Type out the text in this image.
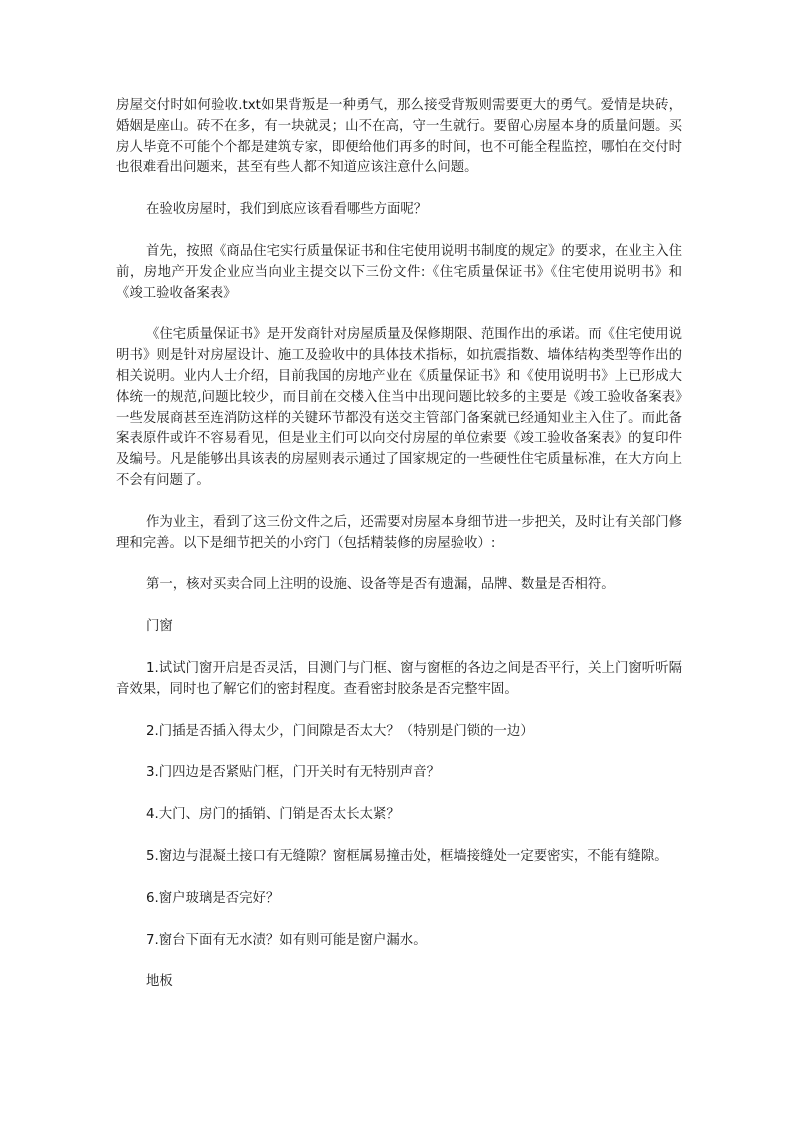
房屋交付时如何验收.txt如果背叛是一种勇气，那么接受背叛则需要更大的勇气。爱情是块砖，婚姻是座山。砖不在多，有一块就灵；山不在高，守一生就行。要留心房屋本身的质量问题。买房人毕竟不可能个个都是建筑专家，即便给他们再多的时间，也不可能全程监控，哪怕在交付时也很难看出问题来，甚至有些人都不知道应该注意什么问题。

在验收房屋时，我们到底应该看看哪些方面呢？

首先，按照《商品住宅实行质量保证书和住宅使用说明书制度的规定》的要求，在业主入住前，房地产开发企业应当向业主提交以下三份文件:《住宅质量保证书》《住宅使用说明书》和《竣工验收备案表》

《住宅质量保证书》是开发商针对房屋质量及保修期限、范围作出的承诺。而《住宅使用说明书》则是针对房屋设计、施工及验收中的具体技术指标，如抗震指数、墙体结构类型等作出的相关说明。业内人士介绍，目前我国的房地产业在《质量保证书》和《使用说明书》上已形成大体统一的规范,问题比较少，而目前在交楼入住当中出现问题比较多的主要是《竣工验收备案表》一些发展商甚至连消防这样的关键环节都没有送交主管部门备案就已经通知业主入住了。而此备案表原件或许不容易看见，但是业主们可以向交付房屋的单位索要《竣工验收备案表》的复印件及编号。凡是能够出具该表的房屋则表示通过了国家规定的一些硬性住宅质量标准，在大方向上不会有问题了。

作为业主，看到了这三份文件之后，还需要对房屋本身细节进一步把关，及时让有关部门修理和完善。以下是细节把关的小窍门（包括精装修的房屋验收）:

第一，核对买卖合同上注明的设施、设备等是否有遗漏，品牌、数量是否相符。

门窗

1.试试门窗开启是否灵活，目测门与门框、窗与窗框的各边之间是否平行，关上门窗听听隔音效果，同时也了解它们的密封程度。查看密封胶条是否完整牢固。

2.门插是否插入得太少，门间隙是否太大？（特别是门锁的一边）

3.门四边是否紧贴门框，门开关时有无特别声音？

4.大门、房门的插销、门销是否太长太紧？

5.窗边与混凝土接口有无缝隙？窗框属易撞击处，框墙接缝处一定要密实，不能有缝隙。

6.窗户玻璃是否完好？

7.窗台下面有无水渍？如有则可能是窗户漏水。

地板
